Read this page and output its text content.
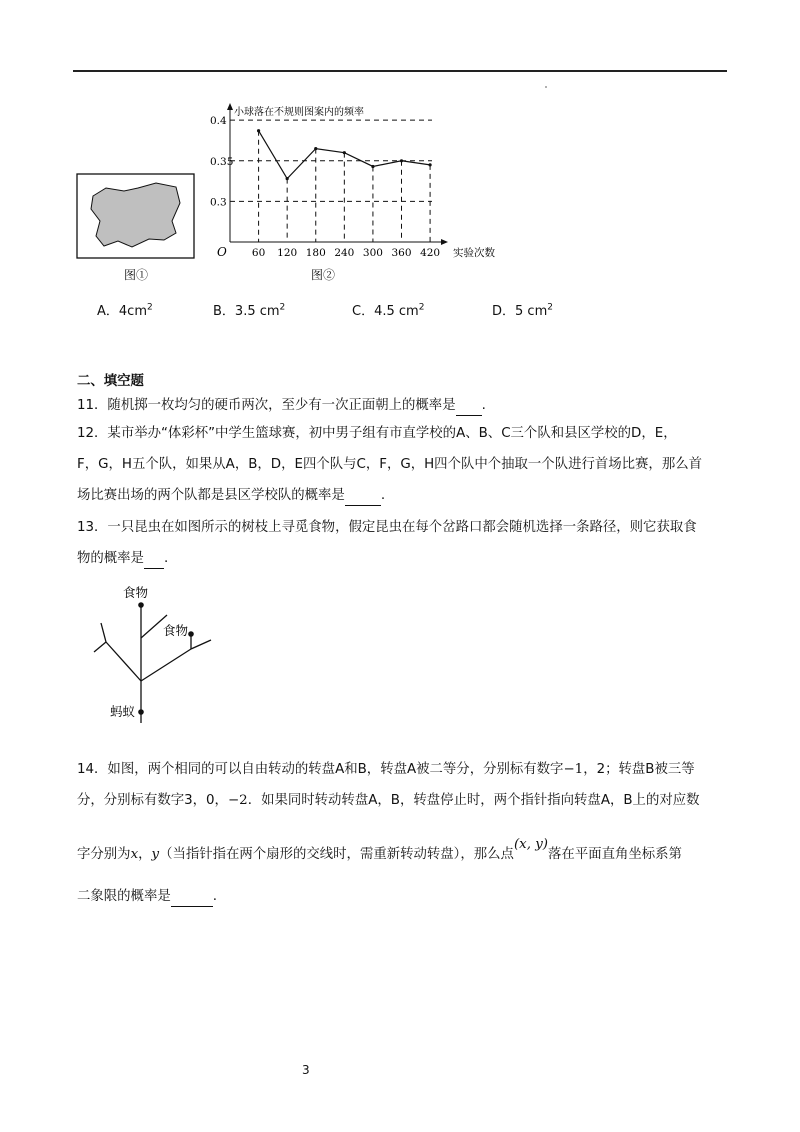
图①
小球落在不规则图案内的频率
O	实验次数
0.4
0.35
0.3
60 120 180 240 300 360 420
图②
A．$4cm^2$	B．3.5 $cm^2$	C．4.5 $cm^2$	D．5 $cm^2$
二、填空题
11．随机掷一枚均匀的硬币两次，至少有一次正面朝上的概率是 .
12．某市举办“体彩杯”中学生篮球赛，初中男子组有市直学校的A、B、C三个队和县区学校的D，E，
F，G，H五个队，如果从A，B，D，E四个队与C，F，G，H四个队中个抽取一个队进行首场比赛，那么首
场比赛出场的两个队都是县区学校队的概率是	.
13．一只昆虫在如图所示的树枝上寻觅食物，假定昆虫在每个岔路口都会随机选择一条路径，则它获取食
物的概率是 .
食物
食物
蚂蚁
14．如图，两个相同的可以自由转动的转盘A和B，转盘A被二等分，分别标有数字−1，2；转盘B被三等
分，分别标有数字3，0，−2．如果同时转动转盘A，B，转盘停止时，两个指针指向转盘A，B上的对应数
字分别为x，y（当指针指在两个扇形的交线时，需重新转动转盘），那么点(x, y)落在平面直角坐标系第
二象限的概率是	.
3
